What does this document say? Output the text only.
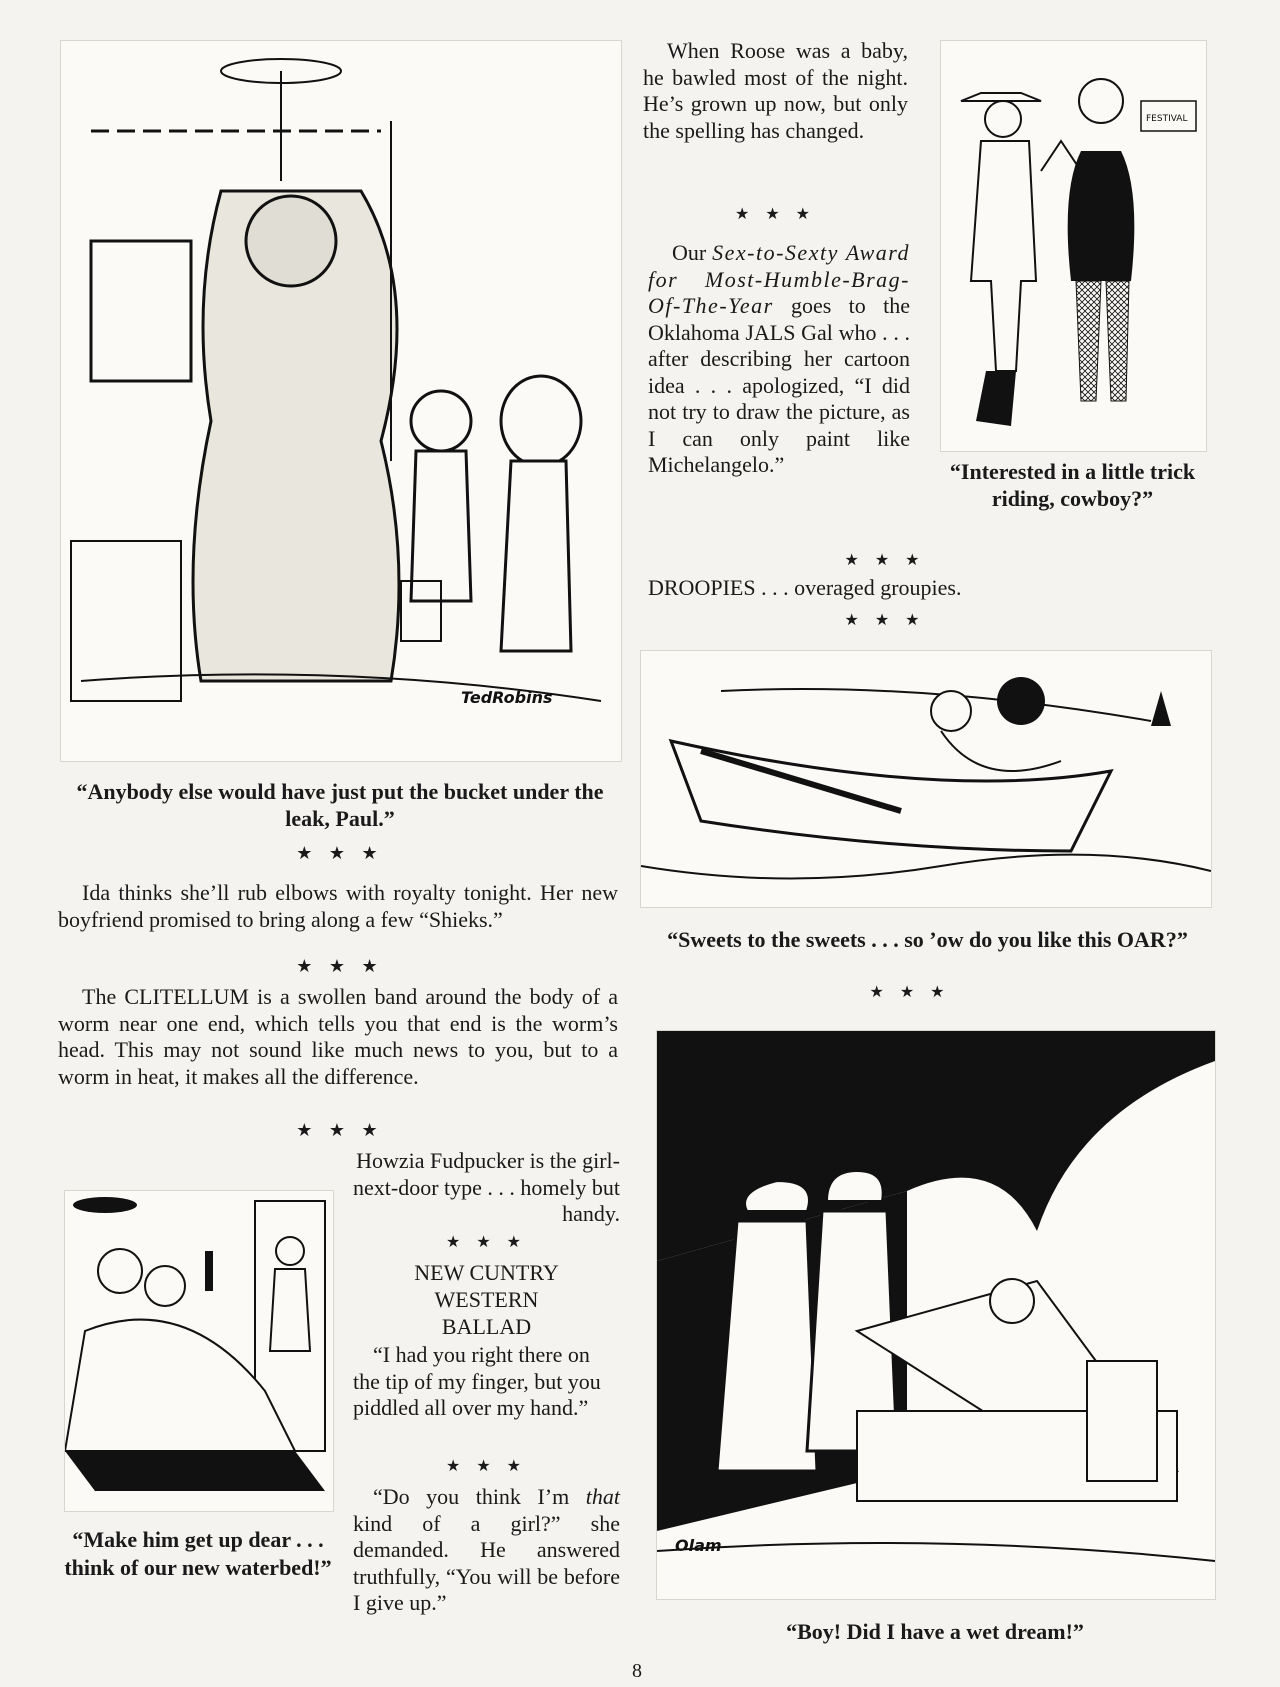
TedRobins
“Anybody else would have just put the bucket under the leak, Paul.”
★ ★ ★
Ida thinks she’ll rub elbows with royalty tonight. Her new boyfriend promised to bring along a few “Shieks.”
★ ★ ★
The CLITELLUM is a swollen band around the body of a worm near one end, which tells you that end is the worm’s head. This may not sound like much news to you, but to a worm in heat, it makes all the difference.
★ ★ ★
“Make him get up dear . . . think of our new waterbed!”
Howzia Fudpucker is the girl-next-door type . . . homely but handy.
★ ★ ★
NEW CUNTRY
WESTERN
BALLAD
“I had you right there on the tip of my finger, but you piddled all over my hand.”
★ ★ ★
“Do you think I’m that kind of a girl?” she demanded. He answered truthfully, “You will be before I give up.”
When Roose was a baby, he bawled most of the night. He’s grown up now, but only the spelling has changed.
★ ★ ★
Our Sex-to-Sexty Award for Most-Humble-Brag-Of-The-Year goes to the Oklahoma JALS Gal who . . . after describing her cartoon idea . . . apologized, “I did not try to draw the picture, as I can only paint like Michelangelo.”
FESTIVAL
“Interested in a little trick riding, cowboy?”
★ ★ ★
DROOPIES . . . overaged groupies.
★ ★ ★
“Sweets to the sweets . . . so ’ow do you like this OAR?”
★ ★ ★
Olam
“Boy! Did I have a wet dream!”
8
